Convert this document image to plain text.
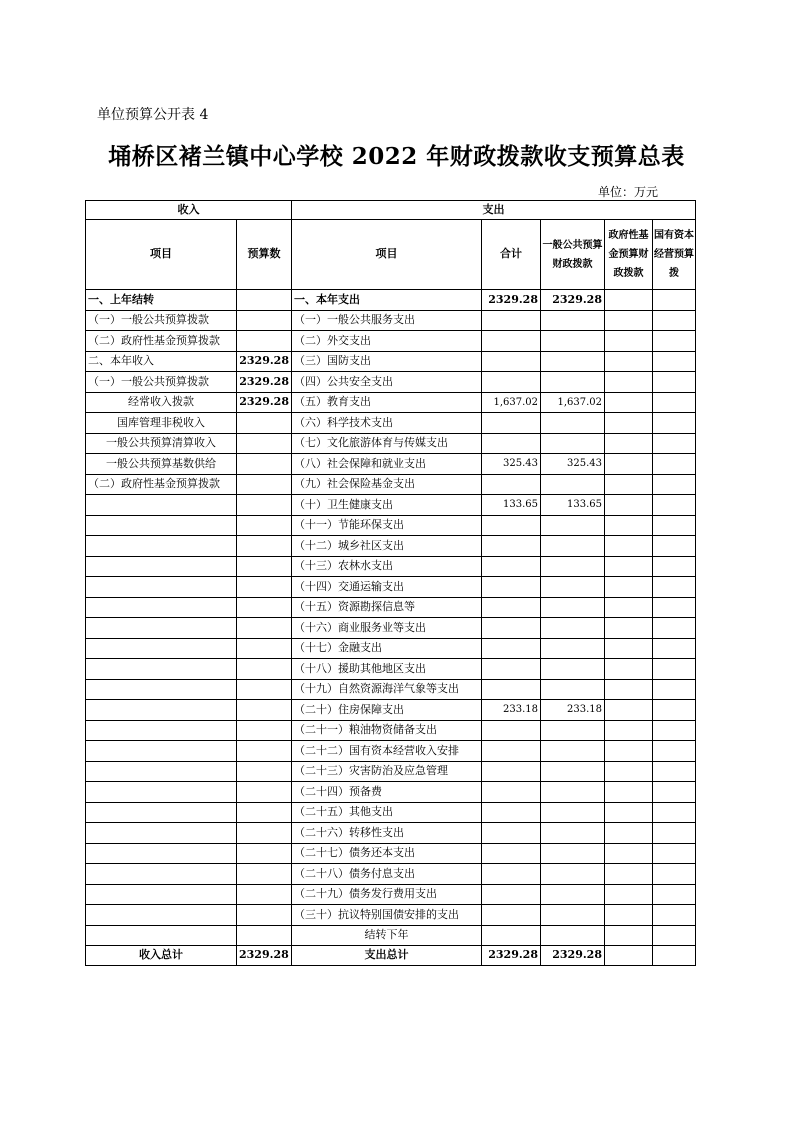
单位预算公开表 4
埇桥区褚兰镇中心学校 2022 年财政拨款收支预算总表
单位：万元
收入		支出				
项目	预算数	项目	合计	一般公共预算财政拨款	政府性基金预算财政拨款	国有资本经营预算拨
一、上年结转		一、本年支出	2329.28	2329.28		
（一）一般公共预算拨款		（一）一般公共服务支出				
（二）政府性基金预算拨款		（二）外交支出				
二、本年收入	2329.28	（三）国防支出				
（一）一般公共预算拨款	2329.28	（四）公共安全支出				
经常收入拨款	2329.28	（五）教育支出	1,637.02	1,637.02		
国库管理非税收入		（六）科学技术支出				
一般公共预算清算收入		（七）文化旅游体育与传媒支出				
一般公共预算基数供给		（八）社会保障和就业支出	325.43	325.43		
（二）政府性基金预算拨款		（九）社会保险基金支出				
		（十）卫生健康支出	133.65	133.65		
		（十一）节能环保支出				
		（十二）城乡社区支出				
		（十三）农林水支出				
		（十四）交通运输支出				
		（十五）资源勘探信息等				
		（十六）商业服务业等支出				
		（十七）金融支出				
		（十八）援助其他地区支出				
		（十九）自然资源海洋气象等支出				
		（二十）住房保障支出	233.18	233.18		
		（二十一）粮油物资储备支出				
		（二十二）国有资本经营收入安排				
		（二十三）灾害防治及应急管理				
		（二十四）预备费				
		（二十五）其他支出				
		（二十六）转移性支出				
		（二十七）债务还本支出				
		（二十八）债务付息支出				
		（二十九）债务发行费用支出				
		（三十）抗议特别国债安排的支出				
		结转下年				
收入总计	2329.28	支出总计	2329.28	2329.28		
